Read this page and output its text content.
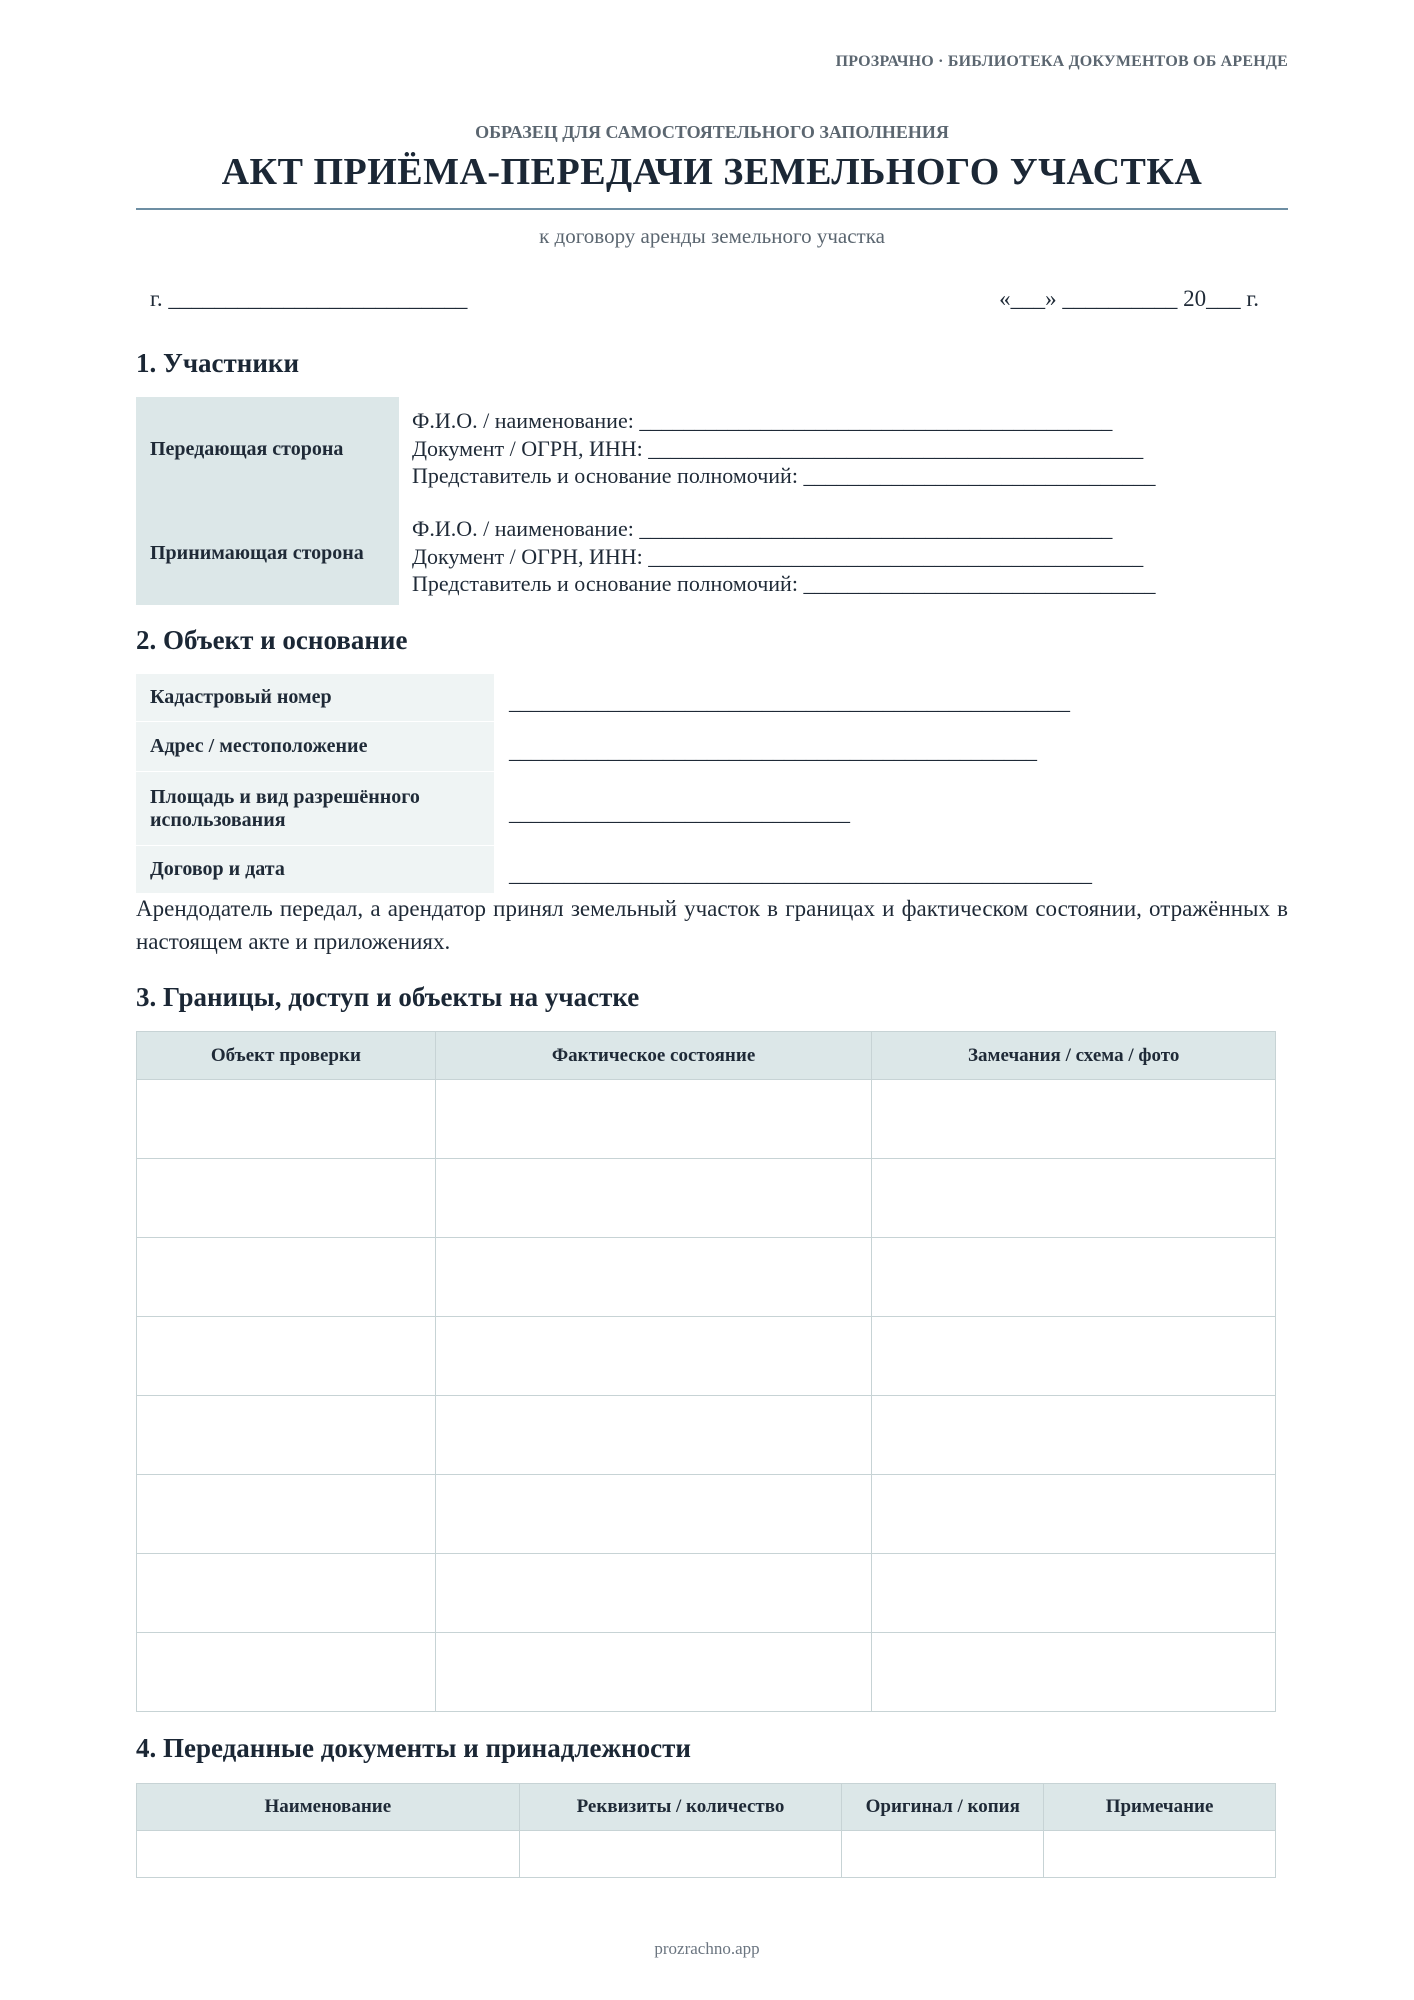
ПРОЗРАЧНО · БИБЛИОТЕКА ДОКУМЕНТОВ ОБ АРЕНДЕ
ОБРАЗЕЦ ДЛЯ САМОСТОЯТЕЛЬНОГО ЗАПОЛНЕНИЯ
АКТ ПРИЁМА-ПЕРЕДАЧИ ЗЕМЕЛЬНОГО УЧАСТКА
к договору аренды земельного участка
г. __________________________	«___» __________ 20___ г.
1. Участники
Передающая сторона
Ф.И.О. / наименование: ___________________________________________
Документ / ОГРН, ИНН: _____________________________________________
Представитель и основание полномочий: ________________________________
Принимающая сторона
Ф.И.О. / наименование: ___________________________________________
Документ / ОГРН, ИНН: _____________________________________________
Представитель и основание полномочий: ________________________________
2. Объект и основание
Кадастровый номер	___________________________________________________
Адрес / местоположение	________________________________________________
Площадь и вид разрешённого использования	_______________________________
Договор и дата	_____________________________________________________
Арендодатель передал, а арендатор принял земельный участок в границах и фактическом состоянии, отражённых в настоящем акте и приложениях.
3. Границы, доступ и объекты на участке
Объект проверки	Фактическое состояние	Замечания / схема / фото

4. Переданные документы и принадлежности
Наименование	Реквизиты / количество	Оригинал / копия	Примечание

prozrachno.app
